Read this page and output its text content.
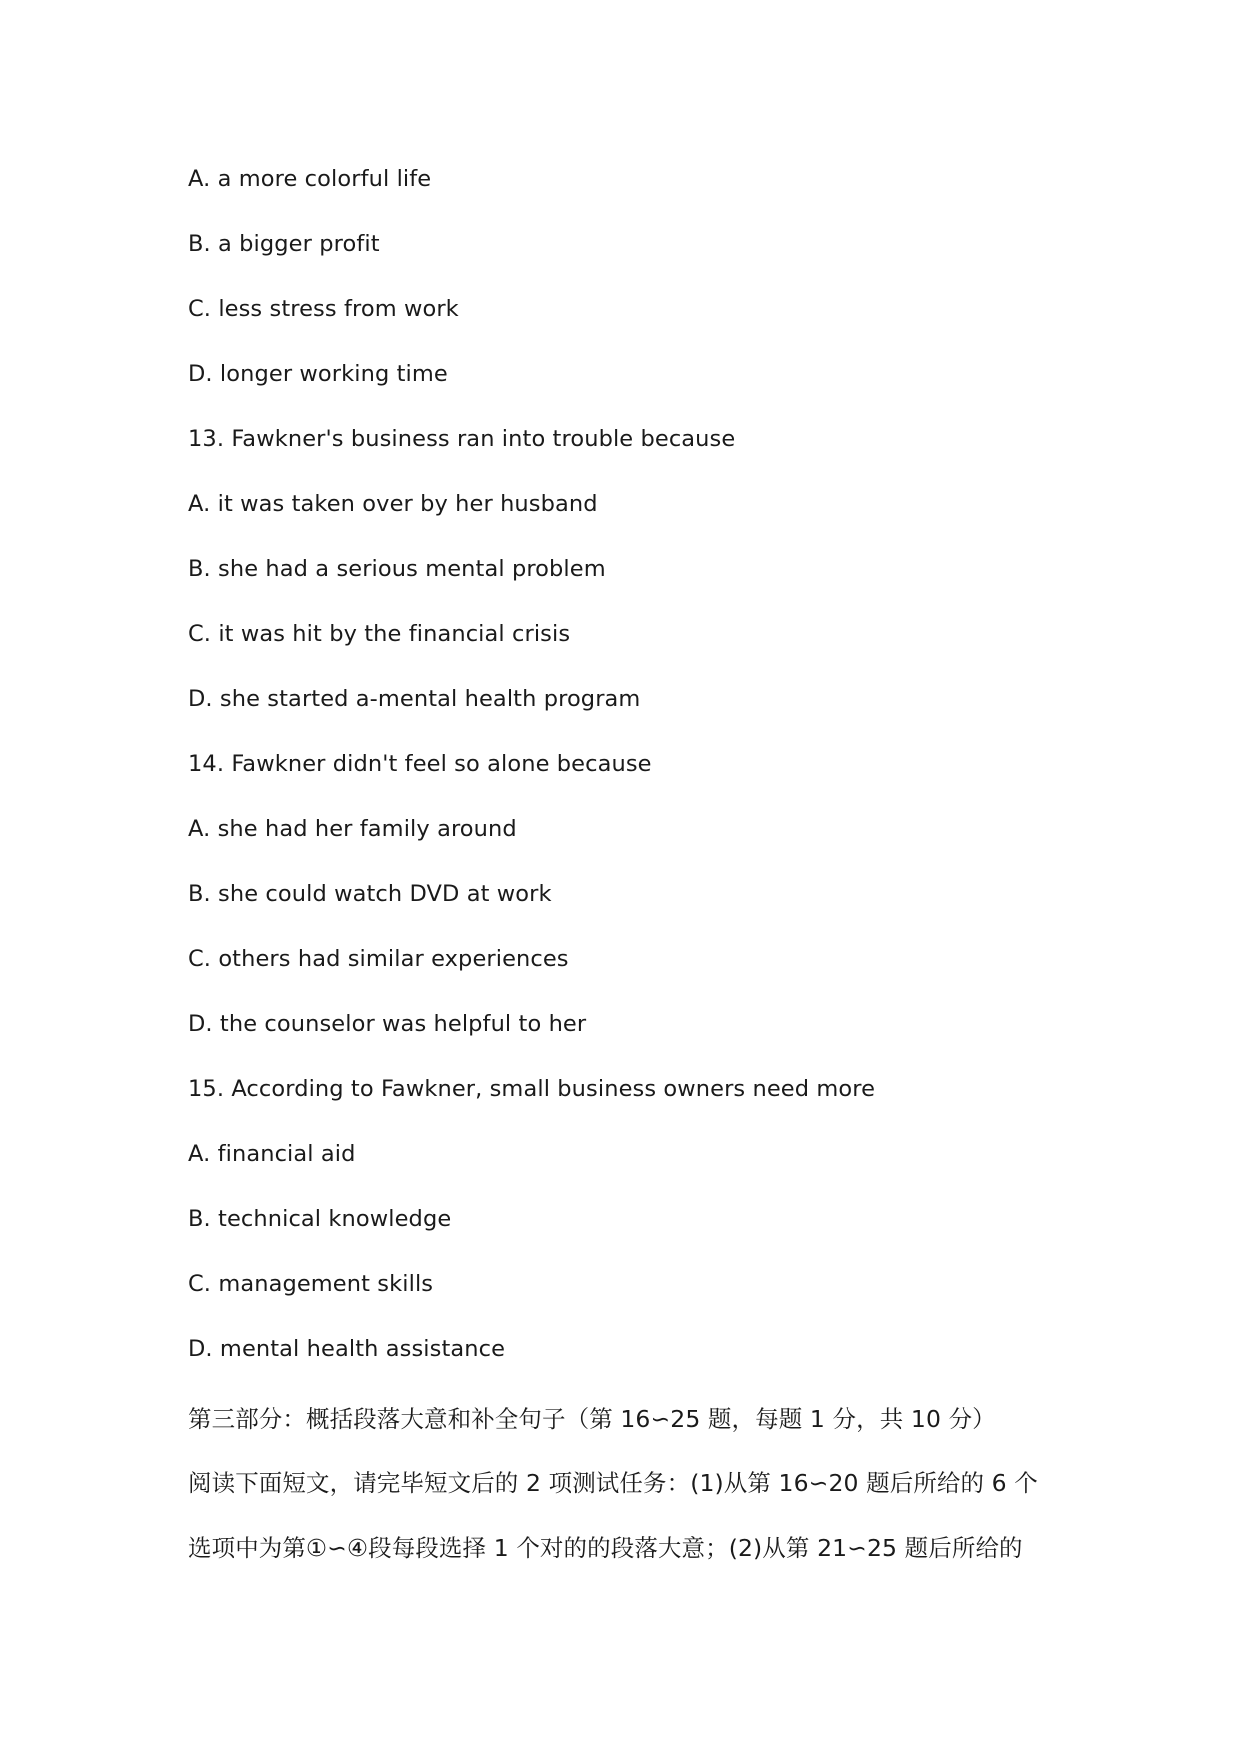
A. a more colorful life
B. a bigger profit
C. less stress from work
D. longer working time
13. Fawkner's business ran into trouble because
A. it was taken over by her husband
B. she had a serious mental problem
C. it was hit by the financial crisis
D. she started a-mental health program
14. Fawkner didn't feel so alone because
A. she had her family around
B. she could watch DVD at work
C. others had similar experiences
D. the counselor was helpful to her
15. According to Fawkner, small business owners need more
A. financial aid
B. technical knowledge
C. management skills
D. mental health assistance
第三部分：概括段落大意和补全句子（第 16∽25 题，每题 1 分，共 10 分）
阅读下面短文，请完毕短文后的 2 项测试任务：(1)从第 16∽20 题后所给的 6 个
选项中为第①∽④段每段选择 1 个对的的段落大意；(2)从第 21∽25 题后所给的
